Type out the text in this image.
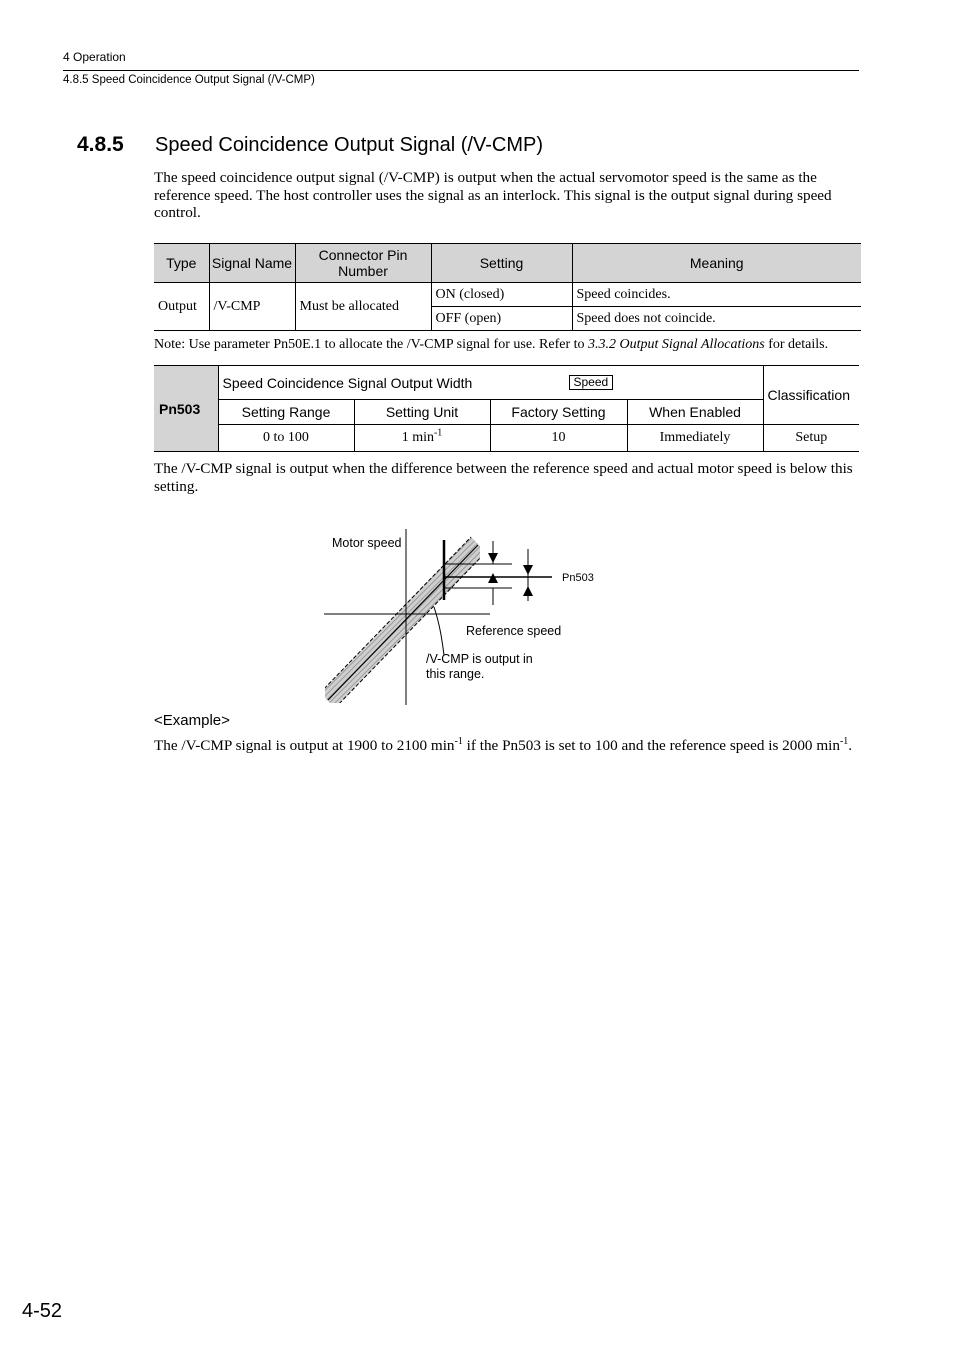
4 Operation
4.8.5 Speed Coincidence Output Signal (/V-CMP)
4.8.5 Speed Coincidence Output Signal (/V-CMP)
The speed coincidence output signal (/V-CMP) is output when the actual servomotor speed is the same as the reference speed. The host controller uses the signal as an interlock. This signal is the output signal during speed control.
Type	Signal Name	Connector Pin Number	Setting	Meaning
Output	/V-CMP	Must be allocated	ON (closed)	Speed coincides.
			OFF (open)	Speed does not coincide.
Note: Use parameter Pn50E.1 to allocate the /V-CMP signal for use. Refer to 3.3.2 Output Signal Allocations for details.
Pn503	Speed Coincidence Signal Output Width Speed				Classification
	Setting Range	Setting Unit	Factory Setting	When Enabled	
	0 to 100	1 $\min^{-1}$	10	Immediately	Setup
The /V-CMP signal is output when the difference between the reference speed and actual motor speed is below this setting.
Motor speed
Pn503
Reference speed
/V-CMP is output in
this range.
<Example>
The /V-CMP signal is output at 1900 to 2100 $\min^{-1}$ if the Pn503 is set to 100 and the reference speed is 2000 $\min^{-1}$.
4-52
